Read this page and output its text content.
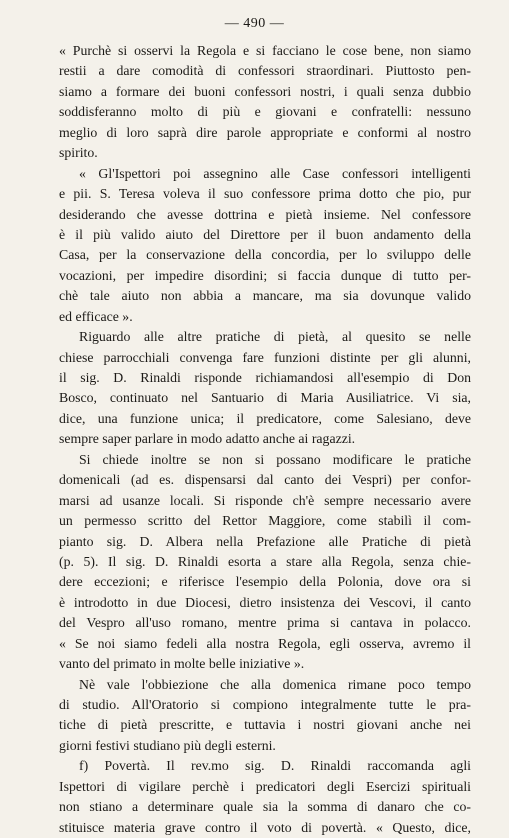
— 490 —
« Purchè si osservi la Regola e si facciano le cose bene, non siamo
restii a dare comodità di confessori straordinari. Piuttosto pen-
siamo a formare dei buoni confessori nostri, i quali senza dubbio
soddisferanno molto di più e giovani e confratelli: nessuno
meglio di loro saprà dire parole appropriate e conformi al nostro
spirito.
« Gl'Ispettori poi assegnino alle Case confessori intelligenti
e pii. S. Teresa voleva il suo confessore prima dotto che pio, pur
desiderando che avesse dottrina e pietà insieme. Nel confessore
è il più valido aiuto del Direttore per il buon andamento della
Casa, per la conservazione della concordia, per lo sviluppo delle
vocazioni, per impedire disordini; si faccia dunque di tutto per-
chè tale aiuto non abbia a mancare, ma sia dovunque valido
ed efficace ».
Riguardo alle altre pratiche di pietà, al quesito se nelle
chiese parrocchiali convenga fare funzioni distinte per gli alunni,
il sig. D. Rinaldi risponde richiamandosi all'esempio di Don
Bosco, continuato nel Santuario di Maria Ausiliatrice. Vi sia,
dice, una funzione unica; il predicatore, come Salesiano, deve
sempre saper parlare in modo adatto anche ai ragazzi.
Si chiede inoltre se non si possano modificare le pratiche
domenicali (ad es. dispensarsi dal canto dei Vespri) per confor-
marsi ad usanze locali. Si risponde ch'è sempre necessario avere
un permesso scritto del Rettor Maggiore, come stabilì il com-
pianto sig. D. Albera nella Prefazione alle Pratiche di pietà
(p. 5). Il sig. D. Rinaldi esorta a stare alla Regola, senza chie-
dere eccezioni; e riferisce l'esempio della Polonia, dove ora si
è introdotto in due Diocesi, dietro insistenza dei Vescovi, il canto
del Vespro all'uso romano, mentre prima si cantava in polacco.
« Se noi siamo fedeli alla nostra Regola, egli osserva, avremo il
vanto del primato in molte belle iniziative ».
Nè vale l'obbiezione che alla domenica rimane poco tempo
di studio. All'Oratorio si compiono integralmente tutte le pra-
tiche di pietà prescritte, e tuttavia i nostri giovani anche nei
giorni festivi studiano più degli esterni.
f) Povertà. Il rev.mo sig. D. Rinaldi raccomanda agli
Ispettori di vigilare perchè i predicatori degli Esercizi spirituali
non stiano a determinare quale sia la somma di danaro che co-
stituisce materia grave contro il voto di povertà. « Questo, dice,
